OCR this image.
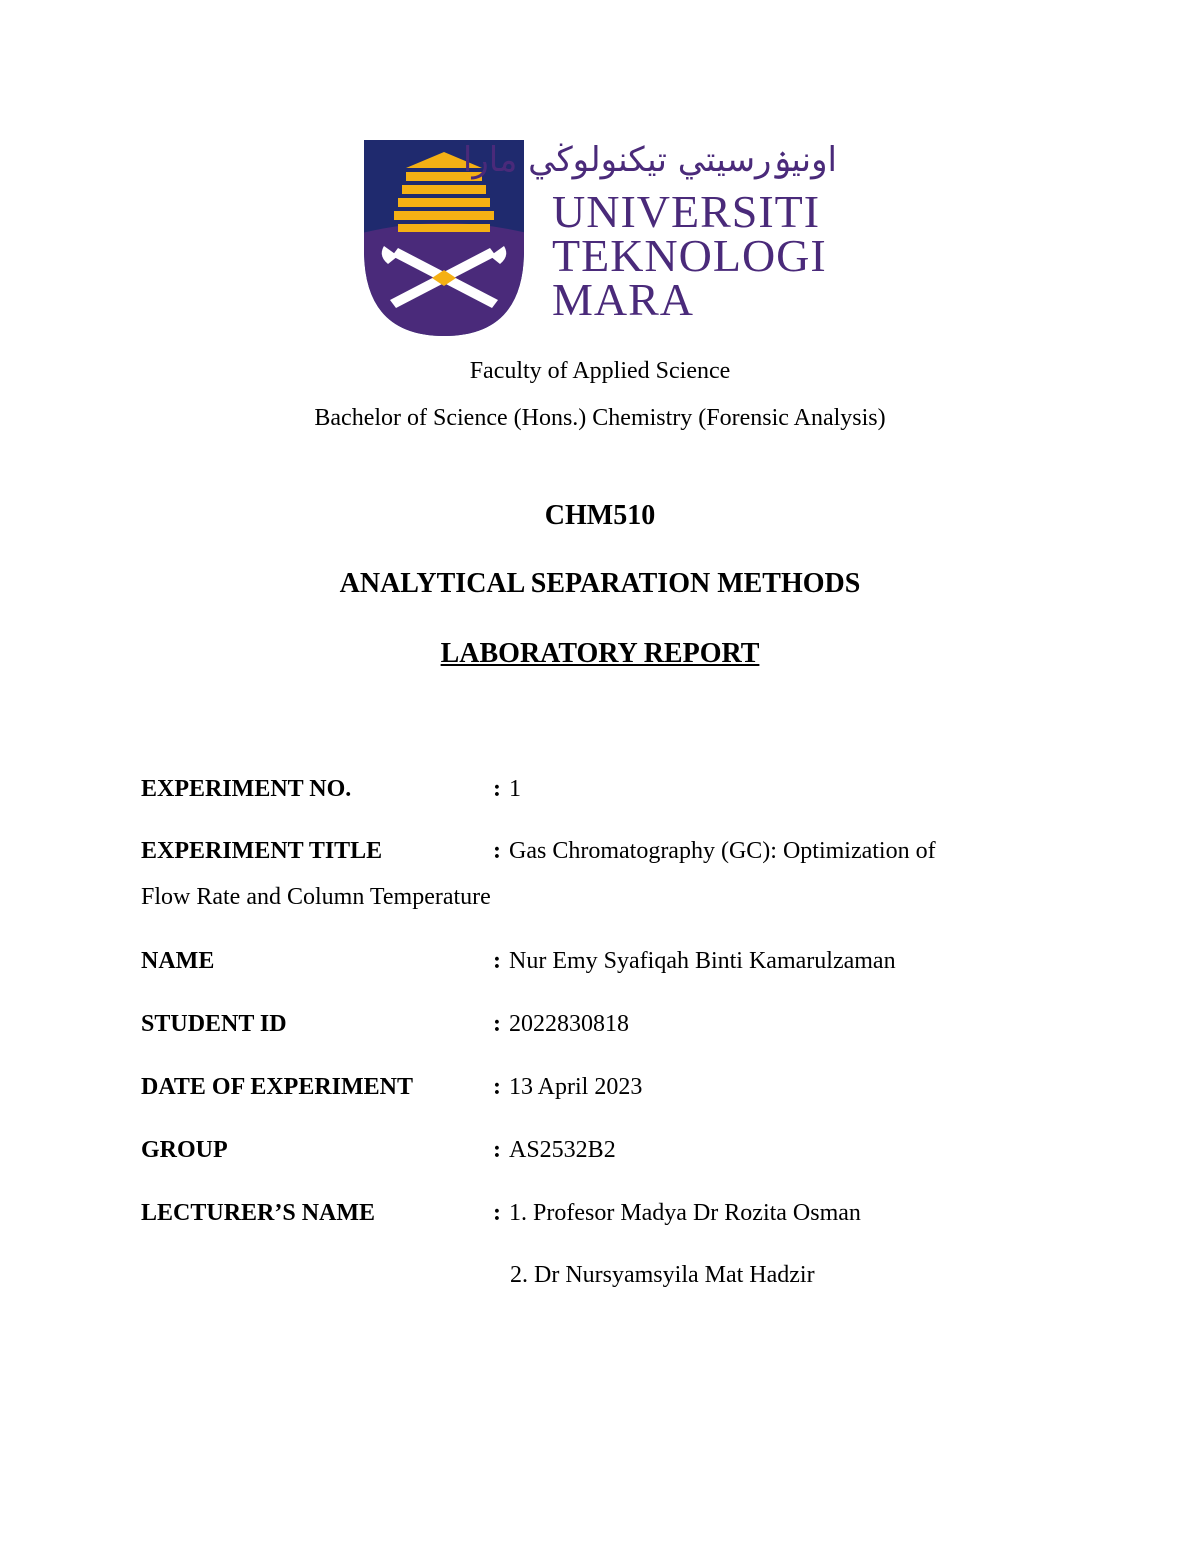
اونيۏرسيتي تيكنولوڬي مارا
UNIVERSITI
TEKNOLOGI
MARA
Faculty of Applied Science
Bachelor of Science (Hons.) Chemistry (Forensic Analysis)
CHM510
ANALYTICAL SEPARATION METHODS
LABORATORY REPORT
EXPERIMENT NO.	: 1
EXPERIMENT TITLE	: Gas Chromatography (GC): Optimization of
Flow Rate and Column Temperature
NAME	: Nur Emy Syafiqah Binti Kamarulzaman
STUDENT ID	: 2022830818
DATE OF EXPERIMENT	: 13 April 2023
GROUP	: AS2532B2
LECTURER’S NAME	: 1. Profesor Madya Dr Rozita Osman
2. Dr Nursyamsyila Mat Hadzir
